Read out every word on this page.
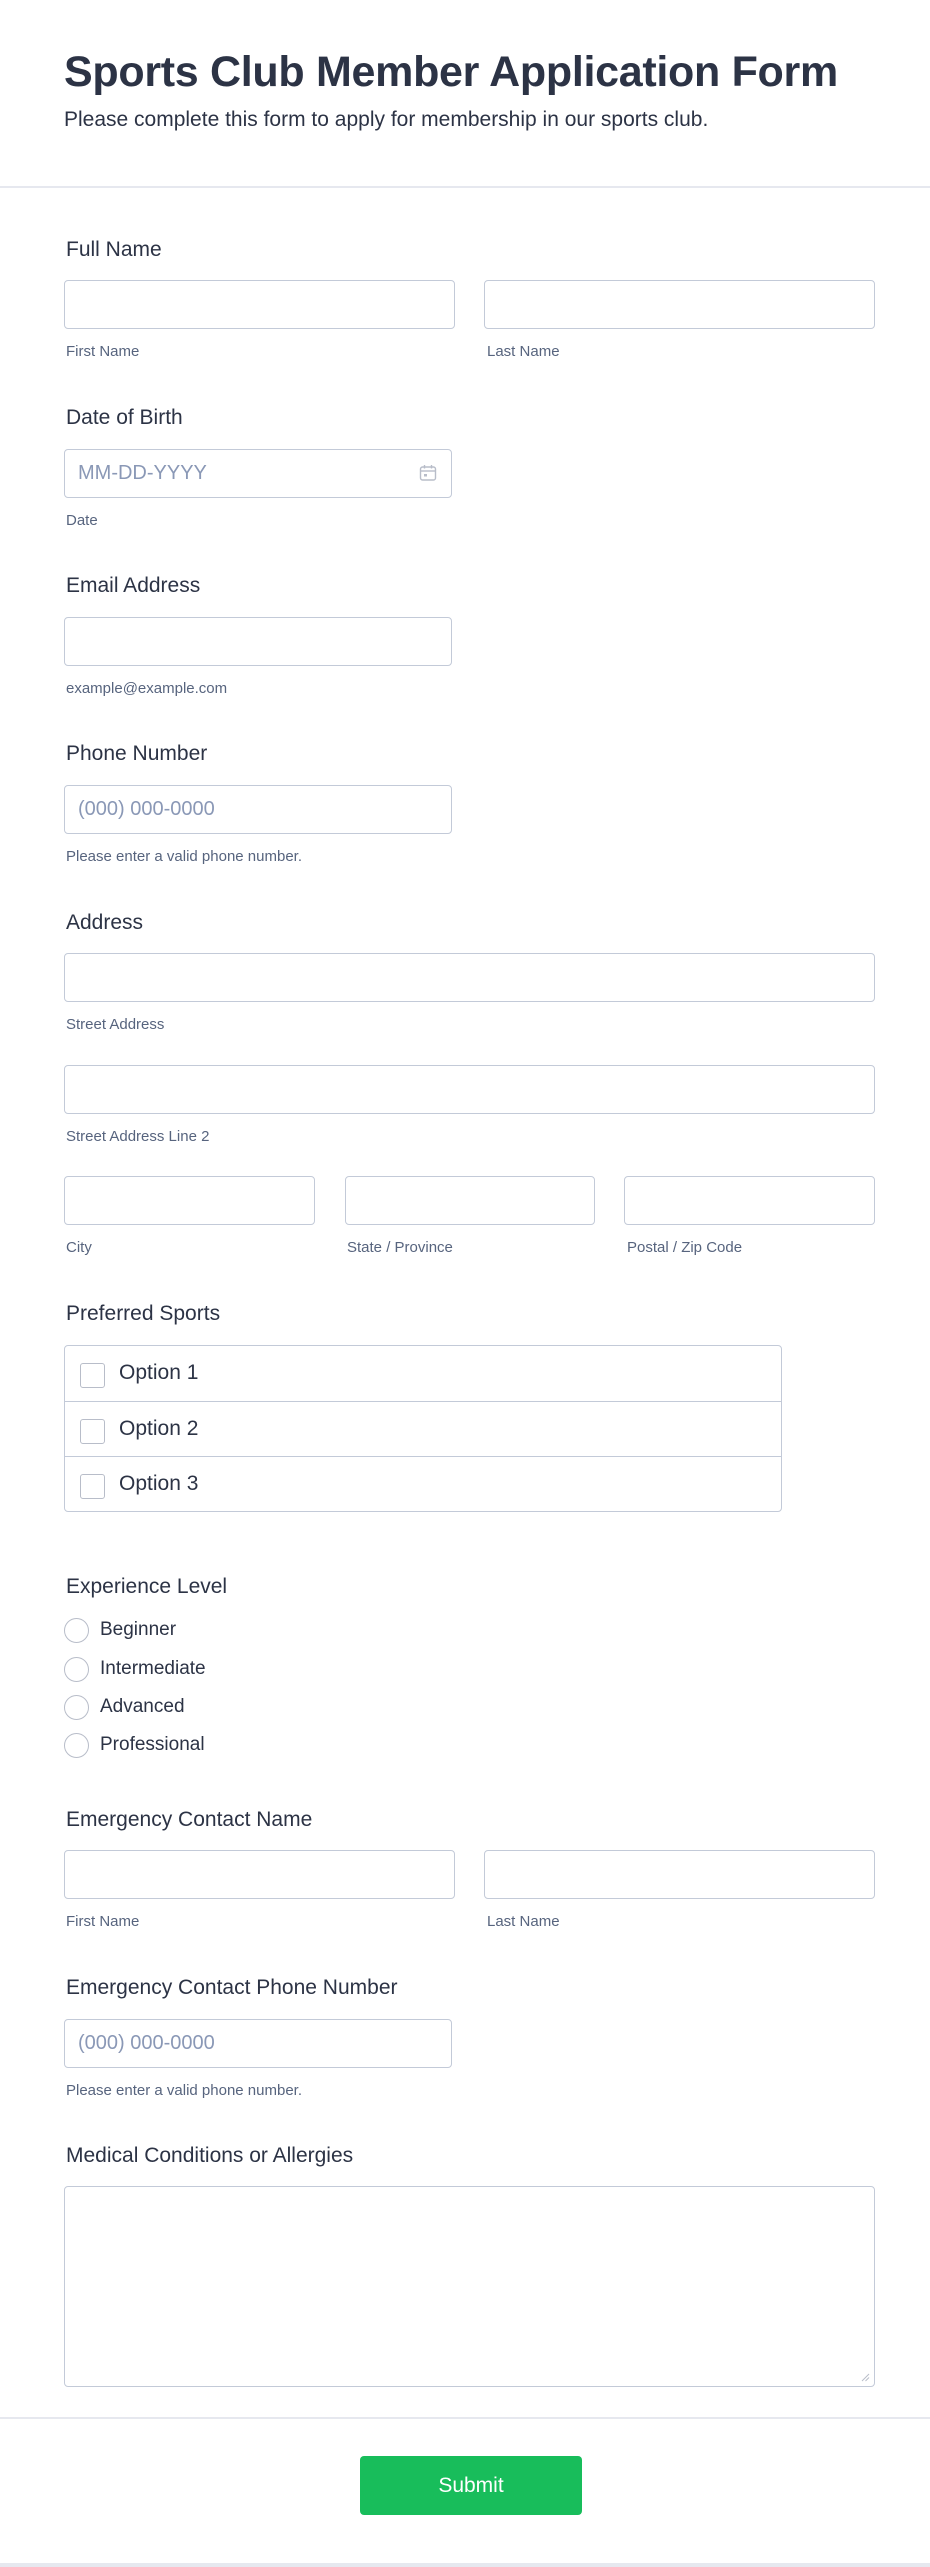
Sports Club Member Application Form

Please complete this form to apply for membership in our sports club.

Full Name
First Name	Last Name
Date of Birth
MM-DD-YYYY
Date
Email Address
example@example.com
Phone Number
(000) 000-0000
Please enter a valid phone number.
Address
Street Address
Street Address Line 2
City	State / Province	Postal / Zip Code
Preferred Sports
Option 1
Option 2
Option 3
Experience Level
Beginner
Intermediate
Advanced
Professional
Emergency Contact Name
First Name	Last Name
Emergency Contact Phone Number
(000) 000-0000
Please enter a valid phone number.
Medical Conditions or Allergies
Submit
